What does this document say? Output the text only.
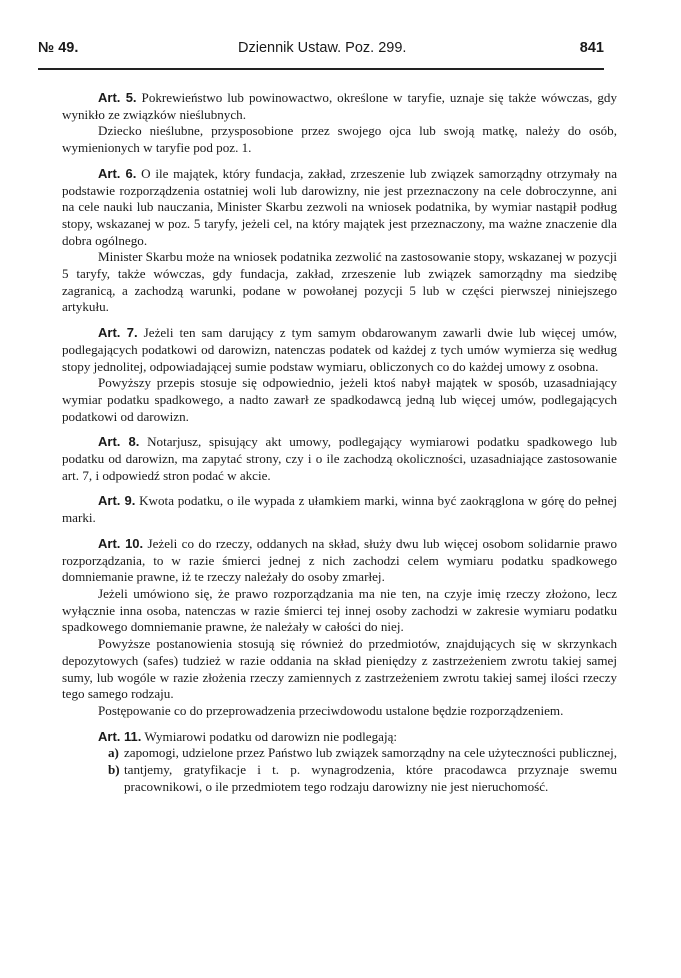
№ 49.	Dziennik Ustaw. Poz. 299.	841

Art. 5. Pokrewieństwo lub powinowactwo, określone w taryfie, uznaje się także wówczas, gdy wynikło ze związków nieślubnych.

Dziecko nieślubne, przysposobione przez swojego ojca lub swoją matkę, należy do osób, wymienionych w taryfie pod poz. 1.

Art. 6. O ile majątek, który fundacja, zakład, zrzeszenie lub związek samorządny otrzymały na podstawie rozporządzenia ostatniej woli lub darowizny, nie jest przeznaczony na cele dobroczynne, ani na cele nauki lub nauczania, Minister Skarbu zezwoli na wniosek podatnika, by wymiar nastąpił podług stopy, wskazanej w poz. 5 taryfy, jeżeli cel, na który majątek jest przeznaczony, ma ważne znaczenie dla dobra ogólnego.

Minister Skarbu może na wniosek podatnika zezwolić na zastosowanie stopy, wskazanej w pozycji 5 taryfy, także wówczas, gdy fundacja, zakład, zrzeszenie lub związek samorządny ma siedzibę zagranicą, a zachodzą warunki, podane w powołanej pozycji 5 lub w części pierwszej niniejszego artykułu.

Art. 7. Jeżeli ten sam darujący z tym samym obdarowanym zawarli dwie lub więcej umów, podlegających podatkowi od darowizn, natenczas podatek od każdej z tych umów wymierza się według stopy jednolitej, odpowiadającej sumie podstaw wymiaru, obliczonych co do każdej umowy z osobna.

Powyższy przepis stosuje się odpowiednio, jeżeli ktoś nabył majątek w sposób, uzasadniający wymiar podatku spadkowego, a nadto zawarł ze spadkodawcą jedną lub więcej umów, podlegających podatkowi od darowizn.

Art. 8. Notarjusz, spisujący akt umowy, podlegający wymiarowi podatku spadkowego lub podatku od darowizn, ma zapytać strony, czy i o ile zachodzą okoliczności, uzasadniające zastosowanie art. 7, i odpowiedź stron podać w akcie.

Art. 9. Kwota podatku, o ile wypada z ułamkiem marki, winna być zaokrąglona w górę do pełnej marki.

Art. 10. Jeżeli co do rzeczy, oddanych na skład, służy dwu lub więcej osobom solidarnie prawo rozporządzania, to w razie śmierci jednej z nich zachodzi celem wymiaru podatku spadkowego domniemanie prawne, iż te rzeczy należały do osoby zmarłej.

Jeżeli umówiono się, że prawo rozporządzania ma nie ten, na czyje imię rzeczy złożono, lecz wyłącznie inna osoba, natenczas w razie śmierci tej innej osoby zachodzi w zakresie wymiaru podatku spadkowego domniemanie prawne, że należały w całości do niej.

Powyższe postanowienia stosują się również do przedmiotów, znajdujących się w skrzynkach depozytowych (safes) tudzież w razie oddania na skład pieniędzy z zastrzeżeniem zwrotu takiej samej sumy, lub wogóle w razie złożenia rzeczy zamiennych z zastrzeżeniem zwrotu takiej samej ilości rzeczy tego samego rodzaju.

Postępowanie co do przeprowadzenia przeciwdowodu ustalone będzie rozporządzeniem.

Art. 11. Wymiarowi podatku od darowizn nie podlegają:

a) zapomogi, udzielone przez Państwo lub związek samorządny na cele użyteczności publicznej,
b) tantjemy, gratyfikacje i t. p. wynagrodzenia, które pracodawca przyznaje swemu pracownikowi, o ile przedmiotem tego rodzaju darowizny nie jest nieruchomość.
